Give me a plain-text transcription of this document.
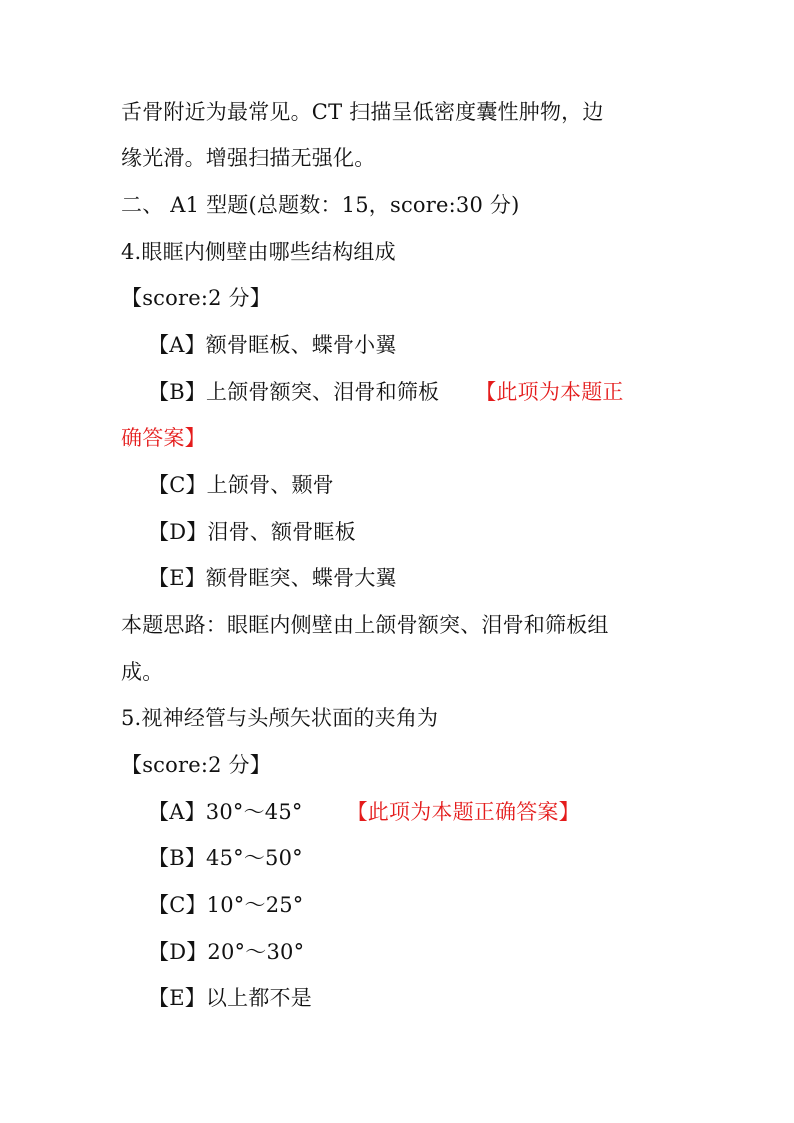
舌骨附近为最常见。CT 扫描呈低密度囊性肿物，边
缘光滑。增强扫描无强化。
二、 A1 型题(总题数：15，score:30 分)
4.眼眶内侧壁由哪些结构组成
【score:2 分】
【A】额骨眶板、蝶骨小翼
【B】上颌骨额突、泪骨和筛板 【此项为本题正
确答案】
【C】上颌骨、颞骨
【D】泪骨、额骨眶板
【E】额骨眶突、蝶骨大翼
本题思路：眼眶内侧壁由上颌骨额突、泪骨和筛板组
成。
5.视神经管与头颅矢状面的夹角为
【score:2 分】
【A】30°～45° 【此项为本题正确答案】
【B】45°～50°
【C】10°～25°
【D】20°～30°
【E】以上都不是
